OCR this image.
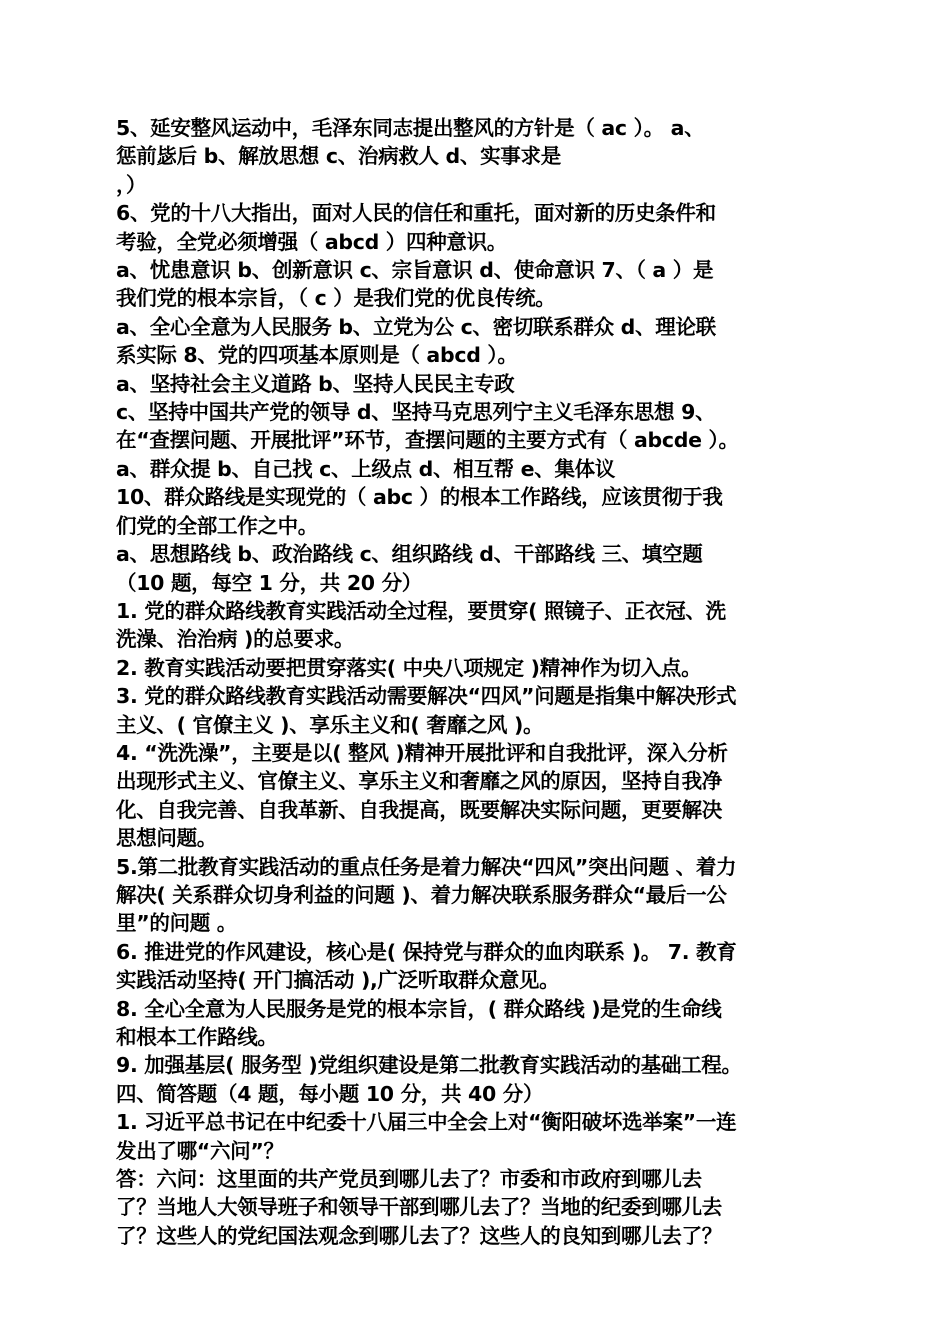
5、延安整风运动中，毛泽东同志提出整风的方针是（ ac ）。 a、

惩前毖后 b、解放思想 c、治病救人 d、实事求是

，）

6、党的十八大指出，面对人民的信任和重托，面对新的历史条件和

考验，全党必须增强（ abcd ）四种意识。

a、忧患意识 b、创新意识 c、宗旨意识 d、使命意识 7、（ a ）是

我们党的根本宗旨，（ c ）是我们党的优良传统。

a、全心全意为人民服务 b、立党为公 c、密切联系群众 d、理论联

系实际 8、党的四项基本原则是（ abcd ）。

a、坚持社会主义道路 b、坚持人民民主专政

c、坚持中国共产党的领导 d、坚持马克思列宁主义毛泽东思想 9、

在“查摆问题、开展批评”环节，查摆问题的主要方式有（ abcde ）。

a、群众提 b、自己找 c、上级点 d、相互帮 e、集体议

10、群众路线是实现党的（ abc ）的根本工作路线，应该贯彻于我

们党的全部工作之中。

a、思想路线 b、政治路线 c、组织路线 d、干部路线 三、填空题

（10 题，每空 1 分，共 20 分）

1. 党的群众路线教育实践活动全过程，要贯穿( 照镜子、正衣冠、洗

洗澡、治治病 )的总要求。

2. 教育实践活动要把贯穿落实( 中央八项规定 )精神作为切入点。

3. 党的群众路线教育实践活动需要解决“四风”问题是指集中解决形式

主义、( 官僚主义 )、享乐主义和( 奢靡之风 )。

4. “洗洗澡”，主要是以( 整风 )精神开展批评和自我批评，深入分析

出现形式主义、官僚主义、享乐主义和奢靡之风的原因，坚持自我净

化、自我完善、自我革新、自我提高，既要解决实际问题，更要解决

思想问题。

5.第二批教育实践活动的重点任务是着力解决“四风”突出问题 、着力

解决( 关系群众切身利益的问题 )、着力解决联系服务群众“最后一公

里”的问题 。

6. 推进党的作风建设，核心是( 保持党与群众的血肉联系 )。 7. 教育

实践活动坚持( 开门搞活动 ),广泛听取群众意见。

8. 全心全意为人民服务是党的根本宗旨，( 群众路线 )是党的生命线

和根本工作路线。

9. 加强基层( 服务型 )党组织建设是第二批教育实践活动的基础工程。

四、简答题（4 题，每小题 10 分，共 40 分）

1. 习近平总书记在中纪委十八届三中全会上对“衡阳破坏选举案”一连

发出了哪“六问”？

答：六问：这里面的共产党员到哪儿去了？市委和市政府到哪儿去

了？当地人大领导班子和领导干部到哪儿去了？当地的纪委到哪儿去

了？这些人的党纪国法观念到哪儿去了？这些人的良知到哪儿去了？
